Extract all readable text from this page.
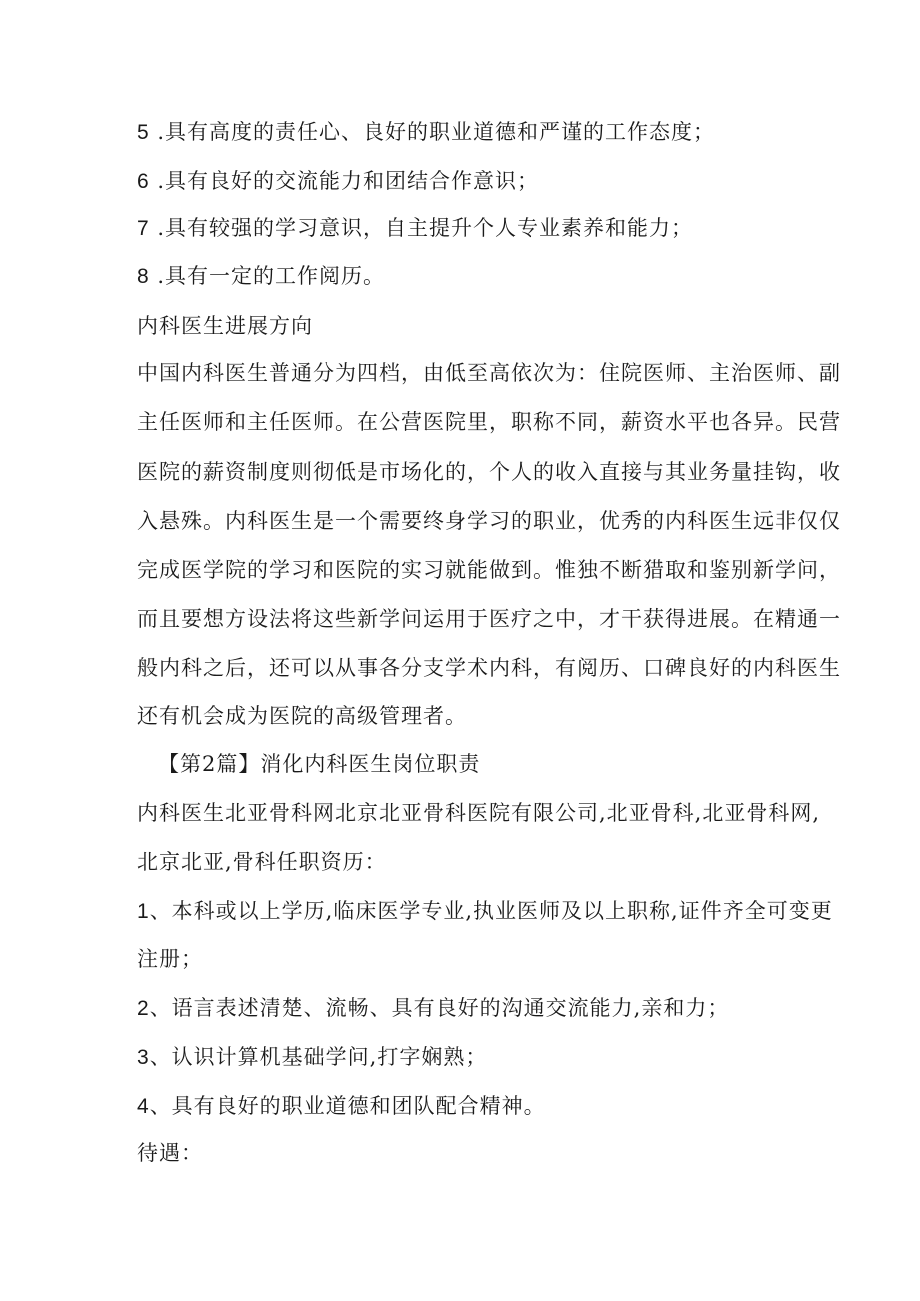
5 .具有高度的责任心、良好的职业道德和严谨的工作态度；

6 .具有良好的交流能力和团结合作意识；

7 .具有较强的学习意识，自主提升个人专业素养和能力；

8 .具有一定的工作阅历。

内科医生进展方向

中国内科医生普通分为四档，由低至高依次为：住院医师、主治医师、副

主任医师和主任医师。在公营医院里，职称不同，薪资水平也各异。民营

医院的薪资制度则彻低是市场化的，个人的收入直接与其业务量挂钩，收

入悬殊。内科医生是一个需要终身学习的职业，优秀的内科医生远非仅仅

完成医学院的学习和医院的实习就能做到。惟独不断猎取和鉴别新学问，

而且要想方设法将这些新学问运用于医疗之中，才干获得进展。在精通一

般内科之后，还可以从事各分支学术内科，有阅历、口碑良好的内科医生

还有机会成为医院的高级管理者。

【第2篇】消化内科医生岗位职责

内科医生北亚骨科网北京北亚骨科医院有限公司,北亚骨科,北亚骨科网,

北京北亚,骨科任职资历：

1、本科或以上学历,临床医学专业,执业医师及以上职称,证件齐全可变更

注册；

2、语言表述清楚、流畅、具有良好的沟通交流能力,亲和力；

3、认识计算机基础学问,打字娴熟；

4、具有良好的职业道德和团队配合精神。

待遇：
